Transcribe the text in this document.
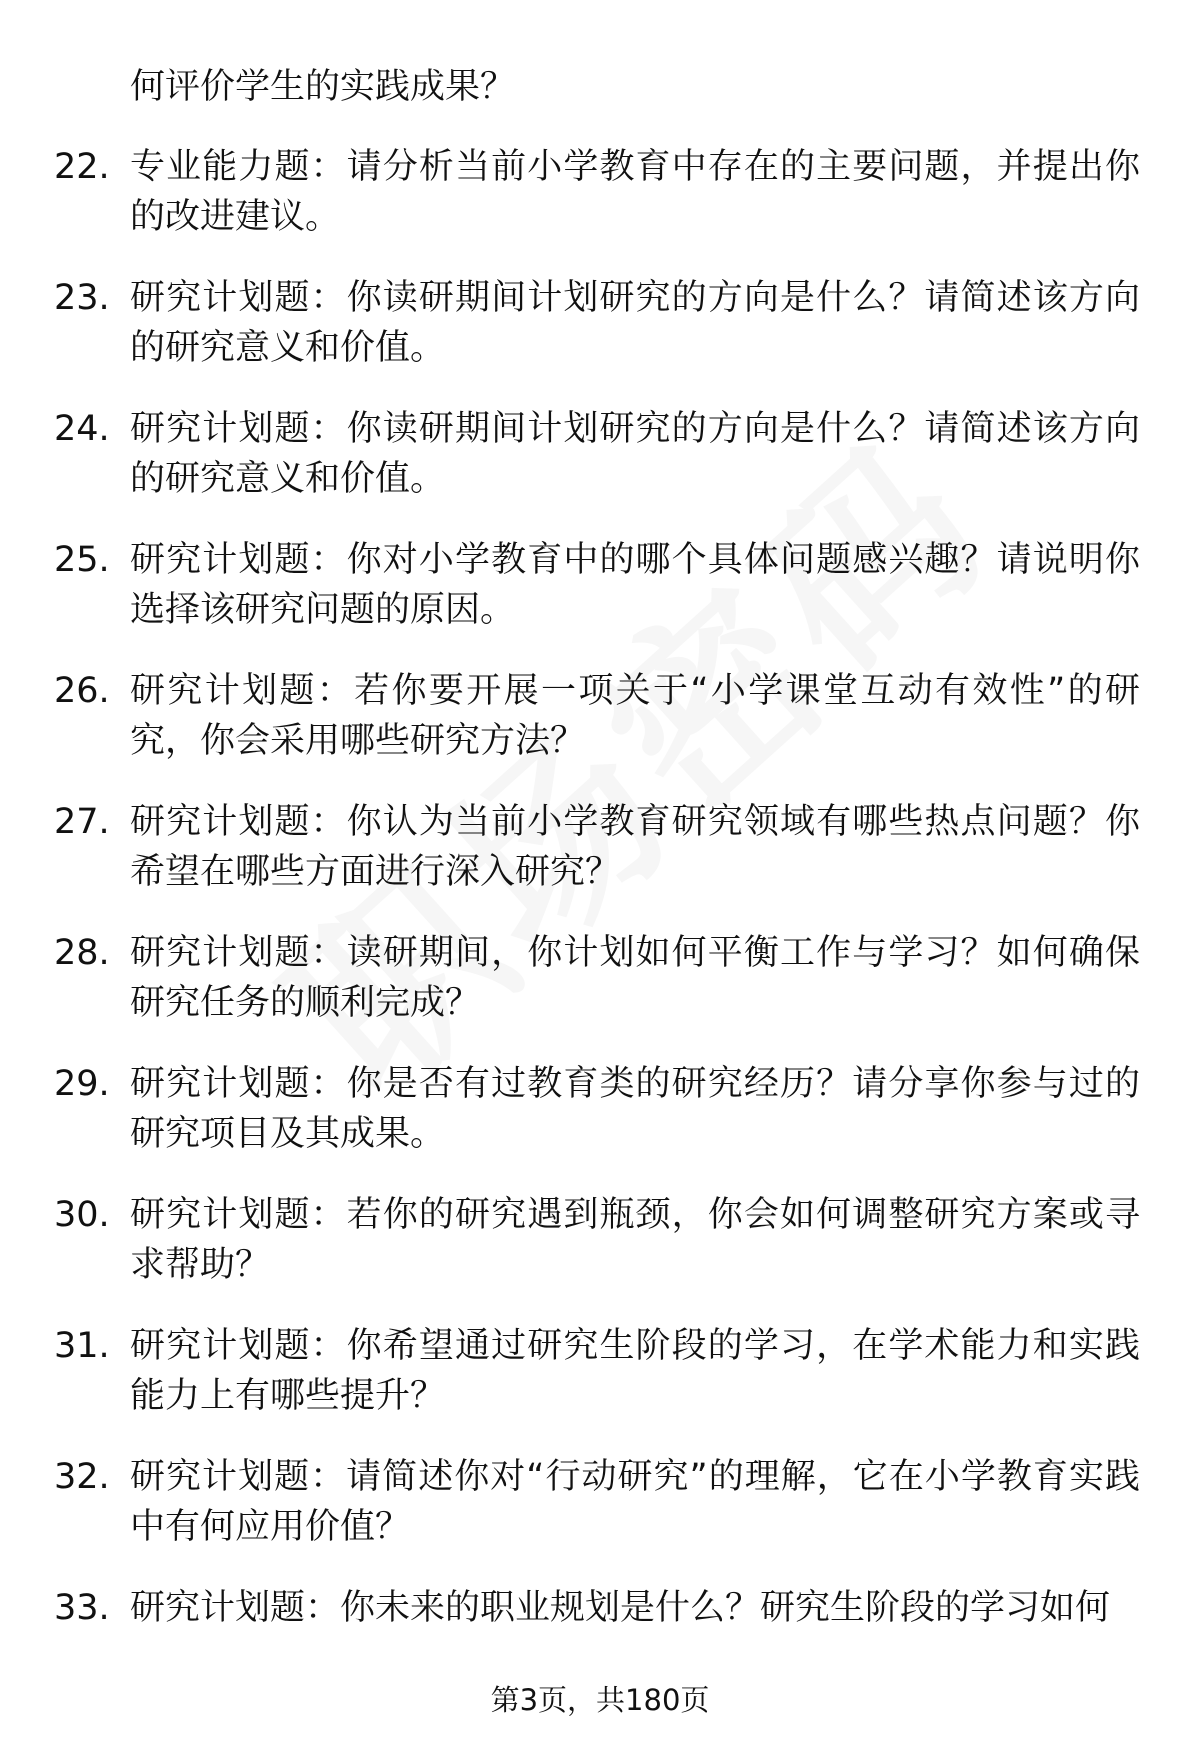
何评价学生的实践成果？
22. 专业能力题：请分析当前小学教育中存在的主要问题，并提出你的改进建议。
23. 研究计划题：你读研期间计划研究的方向是什么？请简述该方向的研究意义和价值。
24. 研究计划题：你读研期间计划研究的方向是什么？请简述该方向的研究意义和价值。
25. 研究计划题：你对小学教育中的哪个具体问题感兴趣？请说明你选择该研究问题的原因。
26. 研究计划题：若你要开展一项关于“小学课堂互动有效性”的研究，你会采用哪些研究方法？
27. 研究计划题：你认为当前小学教育研究领域有哪些热点问题？你希望在哪些方面进行深入研究？
28. 研究计划题：读研期间，你计划如何平衡工作与学习？如何确保研究任务的顺利完成？
29. 研究计划题：你是否有过教育类的研究经历？请分享你参与过的研究项目及其成果。
30. 研究计划题：若你的研究遇到瓶颈，你会如何调整研究方案或寻求帮助？
31. 研究计划题：你希望通过研究生阶段的学习，在学术能力和实践能力上有哪些提升？
32. 研究计划题：请简述你对“行动研究”的理解，它在小学教育实践中有何应用价值？
33. 研究计划题：你未来的职业规划是什么？研究生阶段的学习如何
第3页，共180页
